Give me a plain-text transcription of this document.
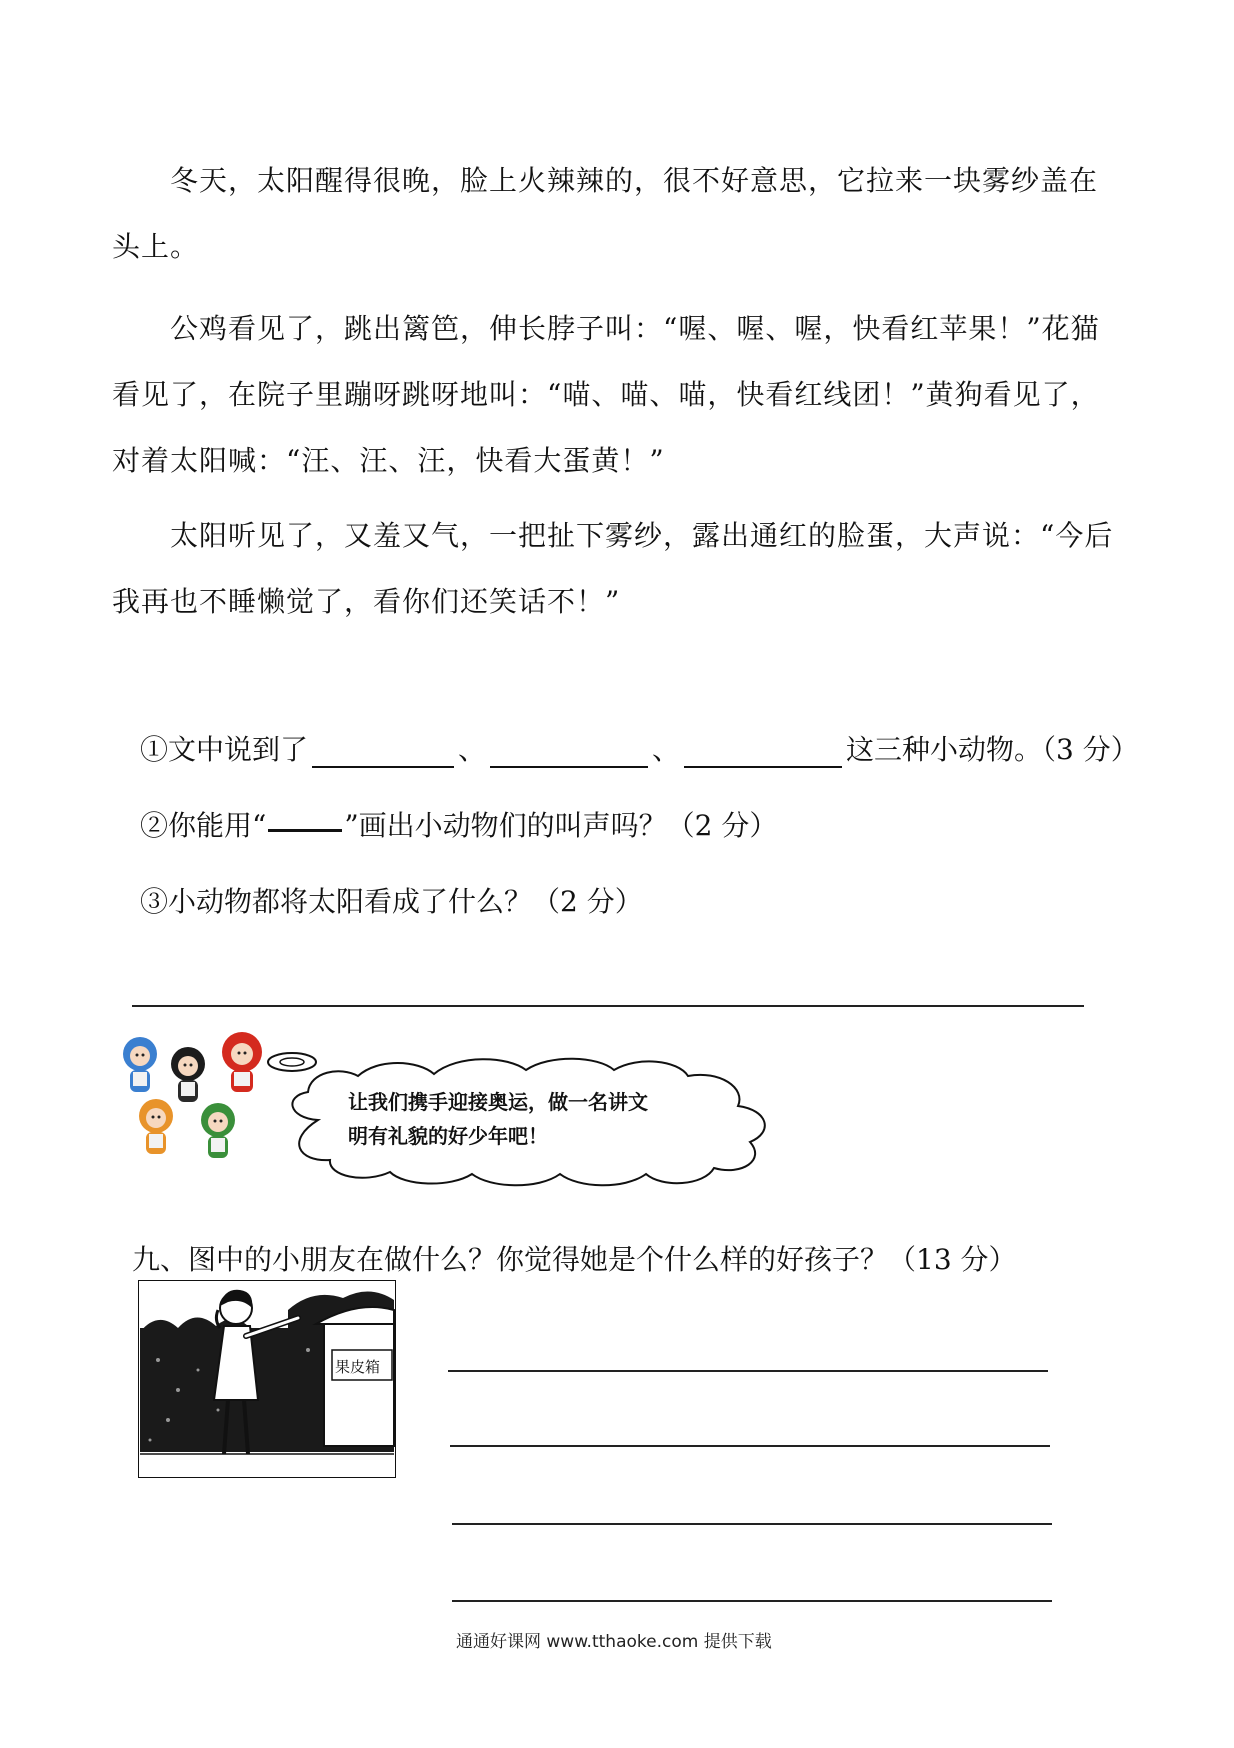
冬天，太阳醒得很晚，脸上火辣辣的，很不好意思，它拉来一块雾纱盖在头上。

公鸡看见了，跳出篱笆，伸长脖子叫：“喔、喔、喔，快看红苹果！”花猫看见了，在院子里蹦呀跳呀地叫：“喵、喵、喵，快看红线团！”黄狗看见了，对着太阳喊：“汪、汪、汪，快看大蛋黄！”

太阳听见了，又羞又气，一把扯下雾纱，露出通红的脸蛋，大声说：“今后我再也不睡懒觉了，看你们还笑话不！”

①文中说到了	、	、	这三种小动物。（3 分）
②你能用“	”画出小动物们的叫声吗？（2 分）
③小动物都将太阳看成了什么？（2 分）
让我们携手迎接奥运，做一名讲文
明有礼貌的好少年吧！
九、图中的小朋友在做什么？你觉得她是个什么样的好孩子？（13 分）
果皮箱
通通好课网 www.tthaoke.com 提供下载
